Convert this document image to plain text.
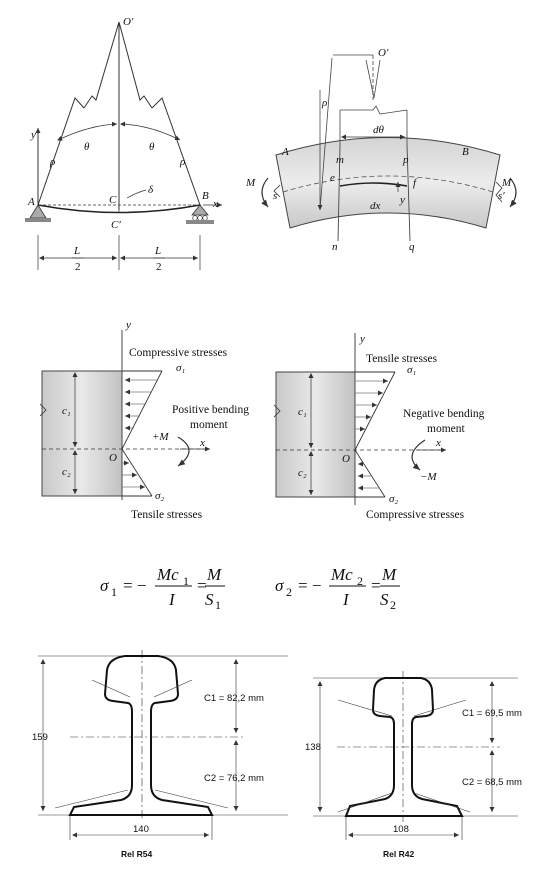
O′
y
x
θ	θ
ρ	ρ
A	B
C
C′
δ
L
2
L
2
O′
ρ
dθ
A	B
m	p
e	f
s	s′
M	M
dx y
n	q
y
Compressive stresses
σ₁
c₁
c₂
Positive bending
moment
+M	x
O
σ₂
Tensile stresses
y
Tensile stresses
σ₁
c₁
c₂
Negative bending
moment
−M
x
O
σ₂
Compressive stresses
σ 1 = −
Mc 1
I
=
M
S 1
σ 2 = −
Mc 2
I
=
M
S 2
159
C1 = 82,2 mm
C2 = 76,2 mm
140
Rel R54
138
C1 = 69,5 mm
C2 = 68,5 mm
108
Rel R42
